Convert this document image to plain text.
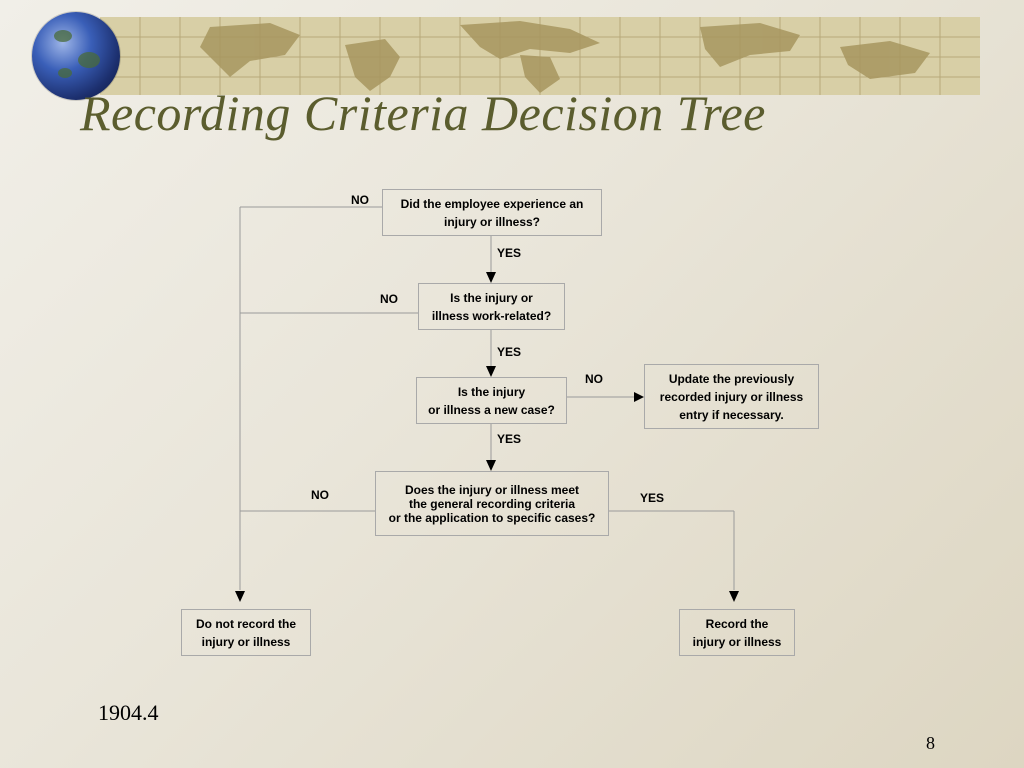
Recording Criteria Decision Tree
Did the employee experience an
injury or illness?
Is the injury or
illness work-related?
Is the injury
or illness a new case?
Update the previously
recorded injury or illness
entry if necessary.
Does the injury or illness meet
the general recording criteria
or the application to specific cases?
Do not record the
injury or illness
Record the
injury or illness
NO
YES
NO
YES
NO
YES
NO	YES
1904.4
8
